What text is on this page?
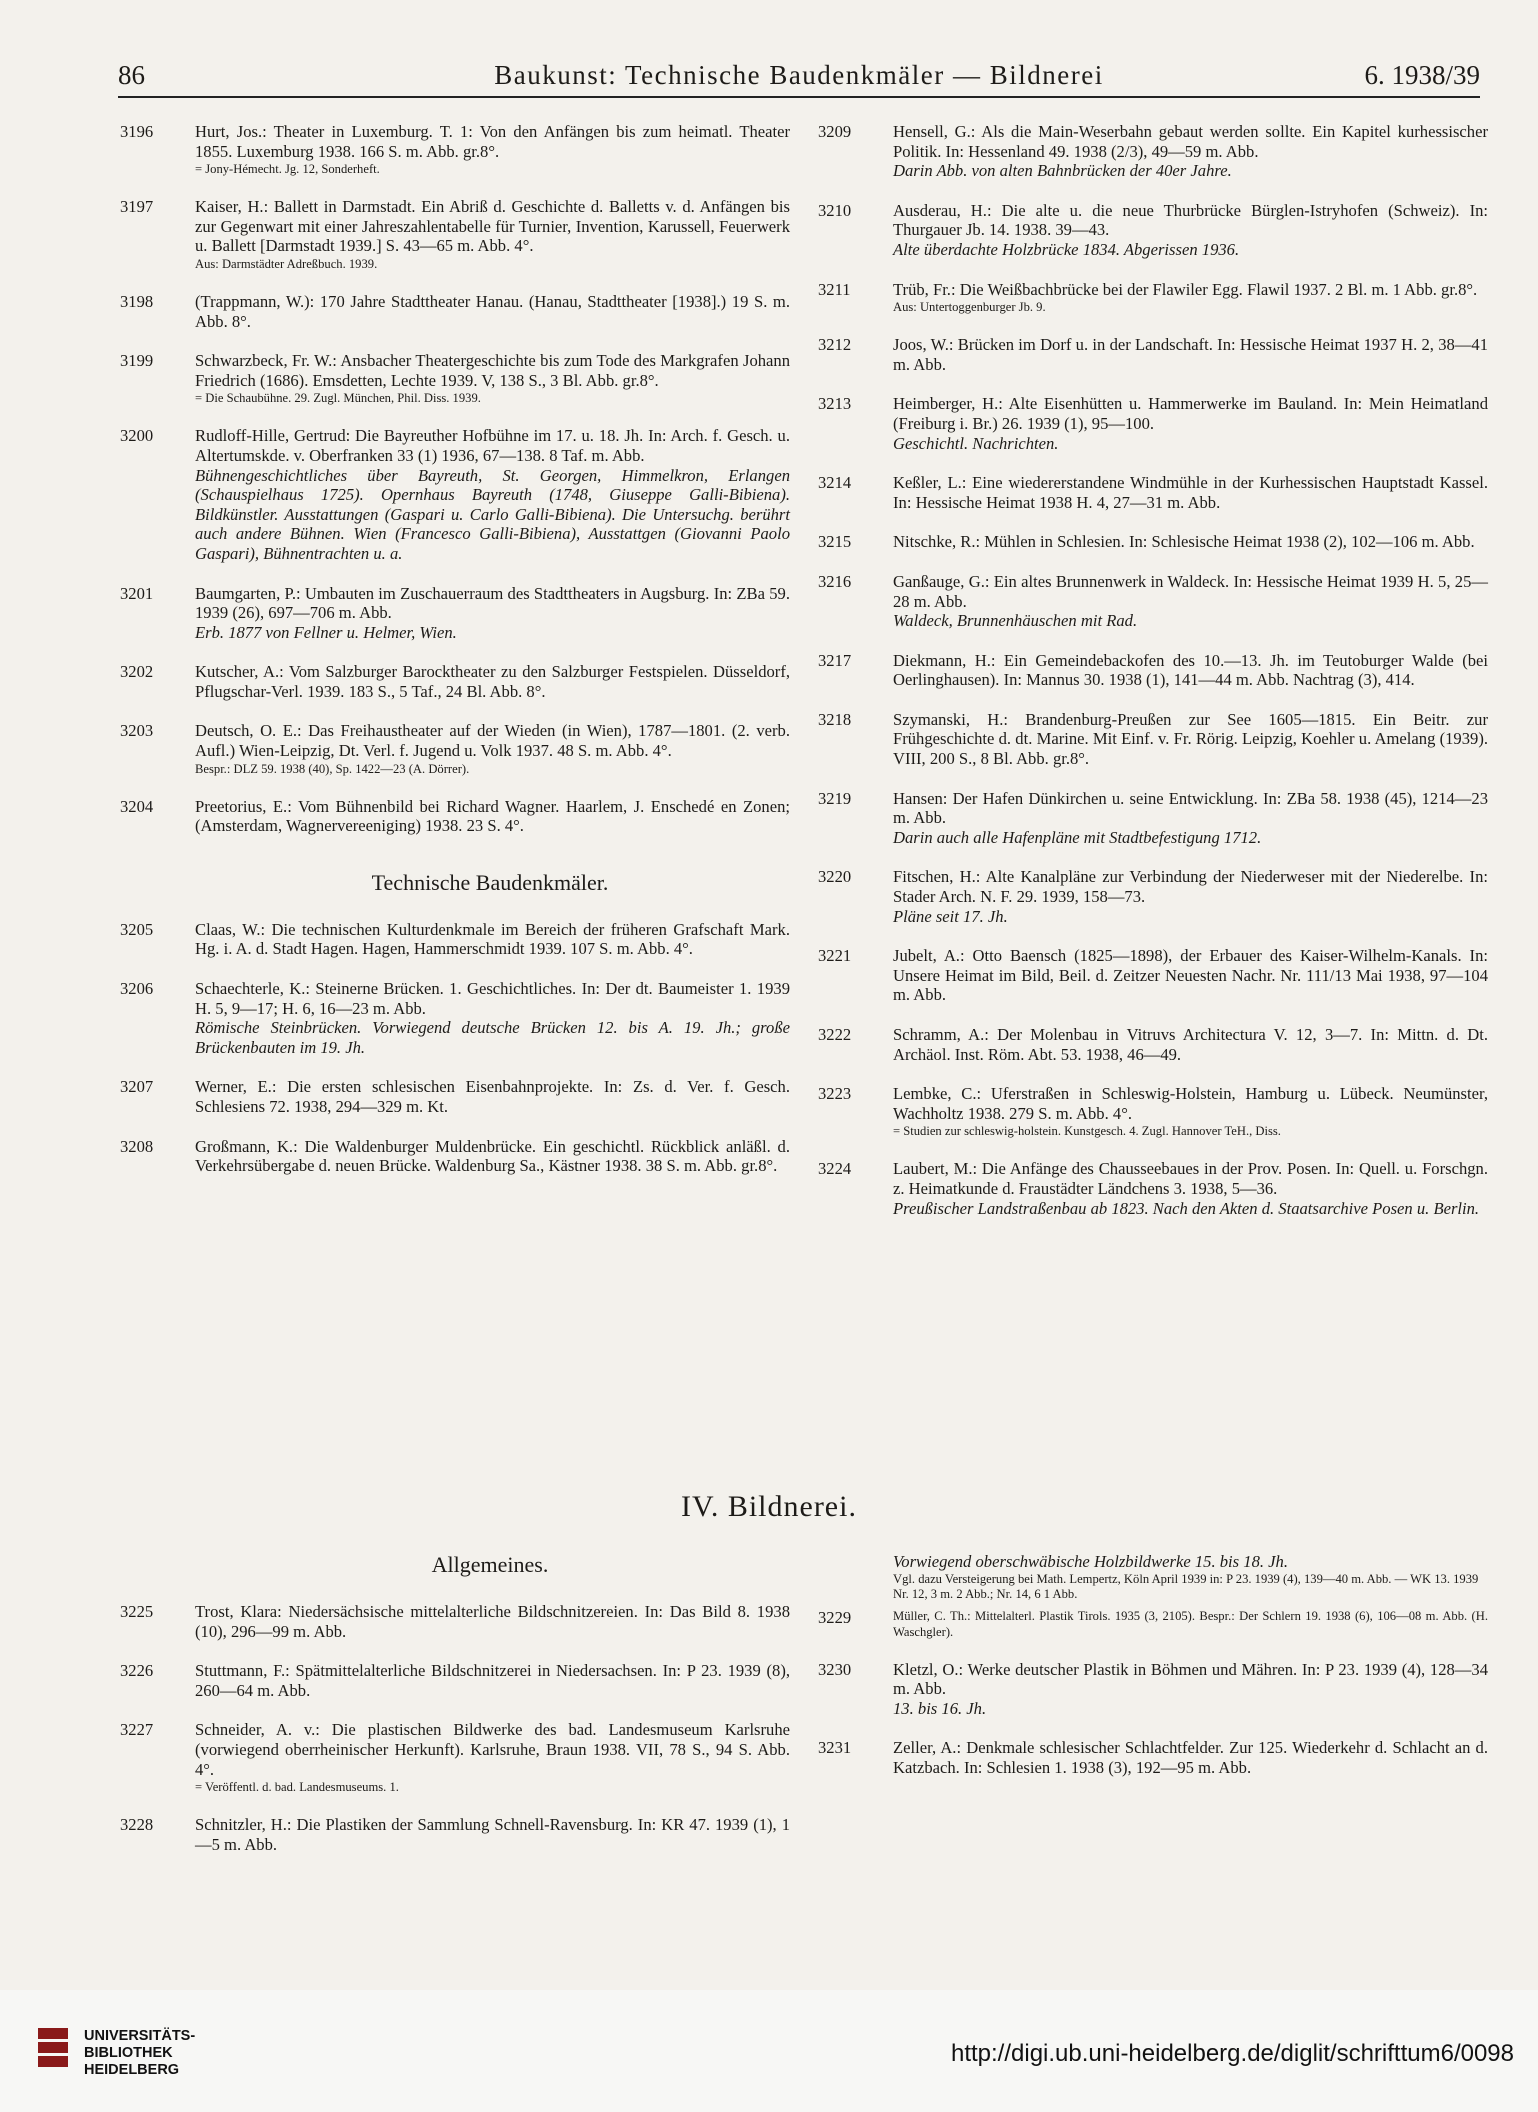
86	Baukunst: Technische Baudenkmäler — Bildnerei	6. 1938/39
3196	Hurt, Jos.: Theater in Luxemburg. T. 1: Von den Anfängen bis zum heimatl. Theater 1855. Luxemburg 1938. 166 S. m. Abb. gr.8°.
= Jony-Hémecht. Jg. 12, Sonderheft.
3197	Kaiser, H.: Ballett in Darmstadt. Ein Abriß d. Geschichte d. Balletts v. d. Anfängen bis zur Gegenwart mit einer Jahreszahlentabelle für Turnier, Invention, Karussell, Feuerwerk u. Ballett [Darmstadt 1939.] S. 43—65 m. Abb. 4°.
Aus: Darmstädter Adreßbuch. 1939.
3198	(Trappmann, W.): 170 Jahre Stadttheater Hanau. (Hanau, Stadttheater [1938].) 19 S. m. Abb. 8°.
3199	Schwarzbeck, Fr. W.: Ansbacher Theatergeschichte bis zum Tode des Markgrafen Johann Friedrich (1686). Emsdetten, Lechte 1939. V, 138 S., 3 Bl. Abb. gr.8°.
= Die Schaubühne. 29. Zugl. München, Phil. Diss. 1939.
3200	Rudloff-Hille, Gertrud: Die Bayreuther Hofbühne im 17. u. 18. Jh. In: Arch. f. Gesch. u. Altertumskde. v. Oberfranken 33 (1) 1936, 67—138. 8 Taf. m. Abb.
Bühnengeschichtliches über Bayreuth, St. Georgen, Himmelkron, Erlangen (Schauspielhaus 1725). Opernhaus Bayreuth (1748, Giuseppe Galli-Bibiena). Bildkünstler. Ausstattungen (Gaspari u. Carlo Galli-Bibiena). Die Untersuchg. berührt auch andere Bühnen. Wien (Francesco Galli-Bibiena), Ausstattgen (Giovanni Paolo Gaspari), Bühnentrachten u. a.
3201	Baumgarten, P.: Umbauten im Zuschauerraum des Stadttheaters in Augsburg. In: ZBa 59. 1939 (26), 697—706 m. Abb.
Erb. 1877 von Fellner u. Helmer, Wien.
3202	Kutscher, A.: Vom Salzburger Barocktheater zu den Salzburger Festspielen. Düsseldorf, Pflugschar-Verl. 1939. 183 S., 5 Taf., 24 Bl. Abb. 8°.
3203	Deutsch, O. E.: Das Freihaustheater auf der Wieden (in Wien), 1787—1801. (2. verb. Aufl.) Wien-Leipzig, Dt. Verl. f. Jugend u. Volk 1937. 48 S. m. Abb. 4°.
Bespr.: DLZ 59. 1938 (40), Sp. 1422—23 (A. Dörrer).
3204	Preetorius, E.: Vom Bühnenbild bei Richard Wagner. Haarlem, J. Enschedé en Zonen; (Amsterdam, Wagnervereeniging) 1938. 23 S. 4°.
Technische Baudenkmäler.
3205	Claas, W.: Die technischen Kulturdenkmale im Bereich der früheren Grafschaft Mark. Hg. i. A. d. Stadt Hagen. Hagen, Hammerschmidt 1939. 107 S. m. Abb. 4°.
3206	Schaechterle, K.: Steinerne Brücken. 1. Geschichtliches. In: Der dt. Baumeister 1. 1939 H. 5, 9—17; H. 6, 16—23 m. Abb.
Römische Steinbrücken. Vorwiegend deutsche Brücken 12. bis A. 19. Jh.; große Brückenbauten im 19. Jh.
3207	Werner, E.: Die ersten schlesischen Eisenbahnprojekte. In: Zs. d. Ver. f. Gesch. Schlesiens 72. 1938, 294—329 m. Kt.
3208	Großmann, K.: Die Waldenburger Muldenbrücke. Ein geschichtl. Rückblick anläßl. d. Verkehrsübergabe d. neuen Brücke. Waldenburg Sa., Kästner 1938. 38 S. m. Abb. gr.8°.
3209	Hensell, G.: Als die Main-Weserbahn gebaut werden sollte. Ein Kapitel kurhessischer Politik. In: Hessenland 49. 1938 (2/3), 49—59 m. Abb.
Darin Abb. von alten Bahnbrücken der 40er Jahre.
3210	Ausderau, H.: Die alte u. die neue Thurbrücke Bürglen-Istryhofen (Schweiz). In: Thurgauer Jb. 14. 1938. 39—43.
Alte überdachte Holzbrücke 1834. Abgerissen 1936.
3211	Trüb, Fr.: Die Weißbachbrücke bei der Flawiler Egg. Flawil 1937. 2 Bl. m. 1 Abb. gr.8°.
Aus: Untertoggenburger Jb. 9.
3212	Joos, W.: Brücken im Dorf u. in der Landschaft. In: Hessische Heimat 1937 H. 2, 38—41 m. Abb.
3213	Heimberger, H.: Alte Eisenhütten u. Hammerwerke im Bauland. In: Mein Heimatland (Freiburg i. Br.) 26. 1939 (1), 95—100.
Geschichtl. Nachrichten.
3214	Keßler, L.: Eine wiedererstandene Windmühle in der Kurhessischen Hauptstadt Kassel. In: Hessische Heimat 1938 H. 4, 27—31 m. Abb.
3215	Nitschke, R.: Mühlen in Schlesien. In: Schlesische Heimat 1938 (2), 102—106 m. Abb.
3216	Ganßauge, G.: Ein altes Brunnenwerk in Waldeck. In: Hessische Heimat 1939 H. 5, 25—28 m. Abb.
Waldeck, Brunnenhäuschen mit Rad.
3217	Diekmann, H.: Ein Gemeindebackofen des 10.—13. Jh. im Teutoburger Walde (bei Oerlinghausen). In: Mannus 30. 1938 (1), 141—44 m. Abb. Nachtrag (3), 414.
3218	Szymanski, H.: Brandenburg-Preußen zur See 1605—1815. Ein Beitr. zur Frühgeschichte d. dt. Marine. Mit Einf. v. Fr. Rörig. Leipzig, Koehler u. Amelang (1939). VIII, 200 S., 8 Bl. Abb. gr.8°.
3219	Hansen: Der Hafen Dünkirchen u. seine Entwicklung. In: ZBa 58. 1938 (45), 1214—23 m. Abb.
Darin auch alle Hafenpläne mit Stadtbefestigung 1712.
3220	Fitschen, H.: Alte Kanalpläne zur Verbindung der Niederweser mit der Niederelbe. In: Stader Arch. N. F. 29. 1939, 158—73.
Pläne seit 17. Jh.
3221	Jubelt, A.: Otto Baensch (1825—1898), der Erbauer des Kaiser-Wilhelm-Kanals. In: Unsere Heimat im Bild, Beil. d. Zeitzer Neuesten Nachr. Nr. 111/13 Mai 1938, 97—104 m. Abb.
3222	Schramm, A.: Der Molenbau in Vitruvs Architectura V. 12, 3—7. In: Mittn. d. Dt. Archäol. Inst. Röm. Abt. 53. 1938, 46—49.
3223	Lembke, C.: Uferstraßen in Schleswig-Holstein, Hamburg u. Lübeck. Neumünster, Wachholtz 1938. 279 S. m. Abb. 4°.
= Studien zur schleswig-holstein. Kunstgesch. 4. Zugl. Hannover TeH., Diss.
3224	Laubert, M.: Die Anfänge des Chausseebaues in der Prov. Posen. In: Quell. u. Forschgn. z. Heimatkunde d. Fraustädter Ländchens 3. 1938, 5—36.
Preußischer Landstraßenbau ab 1823. Nach den Akten d. Staatsarchive Posen u. Berlin.
IV. Bildnerei.
Allgemeines.
3225	Trost, Klara: Niedersächsische mittelalterliche Bildschnitzereien. In: Das Bild 8. 1938 (10), 296—99 m. Abb.
3226	Stuttmann, F.: Spätmittelalterliche Bildschnitzerei in Niedersachsen. In: P 23. 1939 (8), 260—64 m. Abb.
3227	Schneider, A. v.: Die plastischen Bildwerke des bad. Landesmuseum Karlsruhe (vorwiegend oberrheinischer Herkunft). Karlsruhe, Braun 1938. VII, 78 S., 94 S. Abb. 4°.
= Veröffentl. d. bad. Landesmuseums. 1.
3228	Schnitzler, H.: Die Plastiken der Sammlung Schnell-Ravensburg. In: KR 47. 1939 (1), 1—5 m. Abb.
Vorwiegend oberschwäbische Holzbildwerke 15. bis 18. Jh.
Vgl. dazu Versteigerung bei Math. Lempertz, Köln April 1939 in: P 23. 1939 (4), 139—40 m. Abb. — WK 13. 1939 Nr. 12, 3 m. 2 Abb.; Nr. 14, 6 1 Abb.
3229	Müller, C. Th.: Mittelalterl. Plastik Tirols. 1935 (3, 2105). Bespr.: Der Schlern 19. 1938 (6), 106—08 m. Abb. (H. Waschgler).
3230	Kletzl, O.: Werke deutscher Plastik in Böhmen und Mähren. In: P 23. 1939 (4), 128—34 m. Abb.
13. bis 16. Jh.
3231	Zeller, A.: Denkmale schlesischer Schlachtfelder. Zur 125. Wiederkehr d. Schlacht an d. Katzbach. In: Schlesien 1. 1938 (3), 192—95 m. Abb.
UNIVERSITÄTS-
BIBLIOTHEK
HEIDELBERG
http://digi.ub.uni-heidelberg.de/diglit/schrifttum6/0098
